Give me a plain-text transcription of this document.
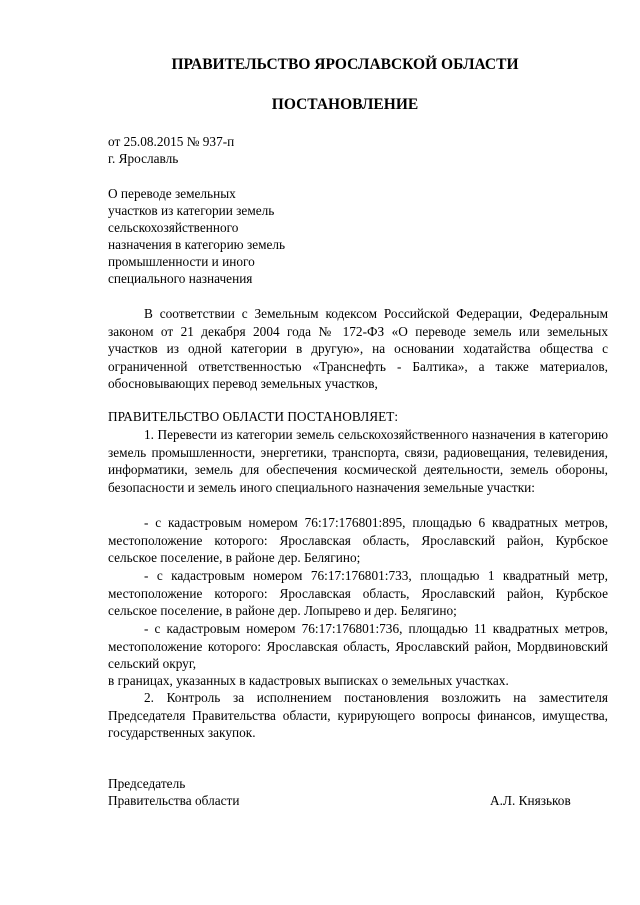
ПРАВИТЕЛЬСТВО ЯРОСЛАВСКОЙ ОБЛАСТИ
ПОСТАНОВЛЕНИЕ
от 25.08.2015 № 937-п
г. Ярославль
О переводе земельных
участков из категории земель
сельскохозяйственного
назначения в категорию земель
промышленности и иного
специального назначения

В соответствии с Земельным кодексом Российской Федерации, Федеральным законом от 21 декабря 2004 года № 172-ФЗ «О переводе земель или земельных участков из одной категории в другую», на основании ходатайства общества с ограниченной ответственностью «Транснефть - Балтика», а также материалов, обосновывающих перевод земельных участков,

ПРАВИТЕЛЬСТВО ОБЛАСТИ ПОСТАНОВЛЯЕТ:

1. Перевести из категории земель сельскохозяйственного назначения в категорию земель промышленности, энергетики, транспорта, связи, радиовещания, телевидения, информатики, земель для обеспечения космической деятельности, земель обороны, безопасности и земель иного специального назначения земельные участки:

- с кадастровым номером 76:17:176801:895, площадью 6 квадратных метров, местоположение которого: Ярославская область, Ярославский район, Курбское сельское поселение, в районе дер. Белягино;

- с кадастровым номером 76:17:176801:733, площадью 1 квадратный метр, местоположение которого: Ярославская область, Ярославский район, Курбское сельское поселение, в районе дер. Лопырево и дер. Белягино;

- с кадастровым номером 76:17:176801:736, площадью 11 квадратных метров, местоположение которого: Ярославская область, Ярославский район, Мордвиновский сельский округ,

в границах, указанных в кадастровых выписках о земельных участках.

2. Контроль за исполнением постановления возложить на заместителя Председателя Правительства области, курирующего вопросы финансов, имущества, государственных закупок.

Председатель
Правительства области	А.Л. Князьков
